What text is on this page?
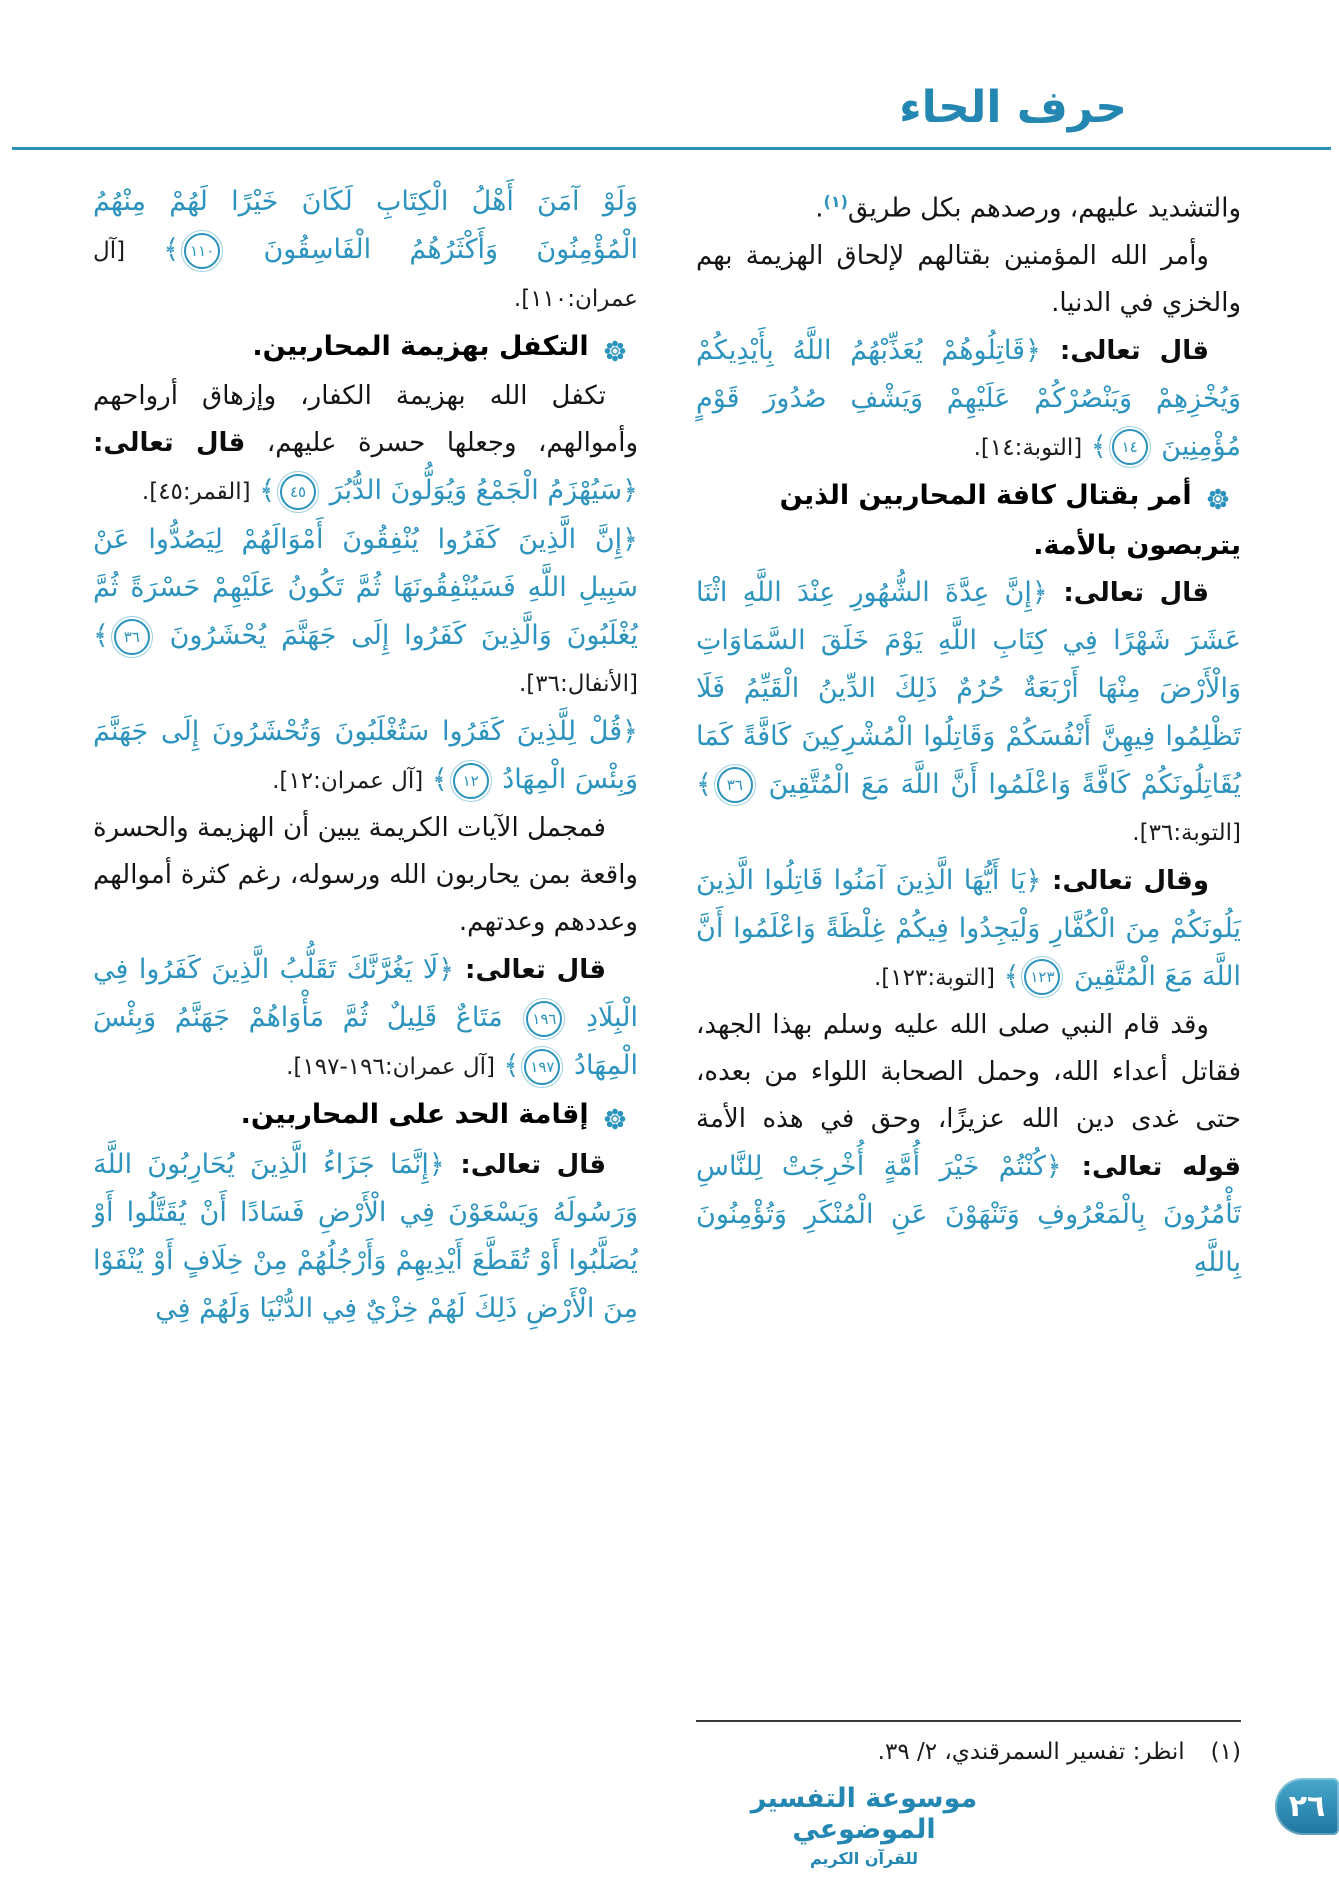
حرف الحاء

والتشديد عليهم، ورصدهم بكل طريق$^{(١)}$.

وأمر الله المؤمنين بقتالهم لإلحاق الهزيمة بهم والخزي في الدنيا.

قال تعالى: ﴿قَاتِلُوهُمْ يُعَذِّبْهُمُ اللَّهُ بِأَيْدِيكُمْ وَيُخْزِهِمْ وَيَنْصُرْكُمْ عَلَيْهِمْ وَيَشْفِ صُدُورَ قَوْمٍ مُؤْمِنِينَ ١٤﴾ [التوبة:١٤].

أمر بقتال كافة المحاربين الذين يتربصون بالأمة.

قال تعالى: ﴿إِنَّ عِدَّةَ الشُّهُورِ عِنْدَ اللَّهِ اثْنَا عَشَرَ شَهْرًا فِي كِتَابِ اللَّهِ يَوْمَ خَلَقَ السَّمَاوَاتِ وَالْأَرْضَ مِنْهَا أَرْبَعَةٌ حُرُمٌ ذَلِكَ الدِّينُ الْقَيِّمُ فَلَا تَظْلِمُوا فِيهِنَّ أَنْفُسَكُمْ وَقَاتِلُوا الْمُشْرِكِينَ كَافَّةً كَمَا يُقَاتِلُونَكُمْ كَافَّةً وَاعْلَمُوا أَنَّ اللَّهَ مَعَ الْمُتَّقِينَ ٣٦﴾ [التوبة:٣٦].

وقال تعالى: ﴿يَا أَيُّهَا الَّذِينَ آمَنُوا قَاتِلُوا الَّذِينَ يَلُونَكُمْ مِنَ الْكُفَّارِ وَلْيَجِدُوا فِيكُمْ غِلْظَةً وَاعْلَمُوا أَنَّ اللَّهَ مَعَ الْمُتَّقِينَ ١٢٣﴾ [التوبة:١٢٣].

وقد قام النبي صلى الله عليه وسلم بهذا الجهد، فقاتل أعداء الله، وحمل الصحابة اللواء من بعده، حتى غدى دين الله عزيزًا، وحق في هذه الأمة قوله تعالى: ﴿كُنْتُمْ خَيْرَ أُمَّةٍ أُخْرِجَتْ لِلنَّاسِ تَأْمُرُونَ بِالْمَعْرُوفِ وَتَنْهَوْنَ عَنِ الْمُنْكَرِ وَتُؤْمِنُونَ بِاللَّهِ

(١)انظر: تفسير السمرقندي، ٢/ ٣٩.

وَلَوْ آمَنَ أَهْلُ الْكِتَابِ لَكَانَ خَيْرًا لَهُمْ مِنْهُمُ الْمُؤْمِنُونَ وَأَكْثَرُهُمُ الْفَاسِقُونَ ١١٠﴾ [آل عمران:١١٠].

التكفل بهزيمة المحاربين.

تكفل الله بهزيمة الكفار، وإزهاق أرواحهم وأموالهم، وجعلها حسرة عليهم، قال تعالى: ﴿سَيُهْزَمُ الْجَمْعُ وَيُوَلُّونَ الدُّبُرَ ٤٥﴾ [القمر:٤٥].

﴿إِنَّ الَّذِينَ كَفَرُوا يُنْفِقُونَ أَمْوَالَهُمْ لِيَصُدُّوا عَنْ سَبِيلِ اللَّهِ فَسَيُنْفِقُونَهَا ثُمَّ تَكُونُ عَلَيْهِمْ حَسْرَةً ثُمَّ يُغْلَبُونَ وَالَّذِينَ كَفَرُوا إِلَى جَهَنَّمَ يُحْشَرُونَ ٣٦﴾ [الأنفال:٣٦].

﴿قُلْ لِلَّذِينَ كَفَرُوا سَتُغْلَبُونَ وَتُحْشَرُونَ إِلَى جَهَنَّمَ وَبِئْسَ الْمِهَادُ ١٢﴾ [آل عمران:١٢].

فمجمل الآيات الكريمة يبين أن الهزيمة والحسرة واقعة بمن يحاربون الله ورسوله، رغم كثرة أموالهم وعددهم وعدتهم.

قال تعالى: ﴿لَا يَغُرَّنَّكَ تَقَلُّبُ الَّذِينَ كَفَرُوا فِي الْبِلَادِ ١٩٦ مَتَاعٌ قَلِيلٌ ثُمَّ مَأْوَاهُمْ جَهَنَّمُ وَبِئْسَ الْمِهَادُ ١٩٧﴾ [آل عمران:١٩٦-١٩٧].

إقامة الحد على المحاربين.

قال تعالى: ﴿إِنَّمَا جَزَاءُ الَّذِينَ يُحَارِبُونَ اللَّهَ وَرَسُولَهُ وَيَسْعَوْنَ فِي الْأَرْضِ فَسَادًا أَنْ يُقَتَّلُوا أَوْ يُصَلَّبُوا أَوْ تُقَطَّعَ أَيْدِيهِمْ وَأَرْجُلُهُمْ مِنْ خِلَافٍ أَوْ يُنْفَوْا مِنَ الْأَرْضِ ذَلِكَ لَهُمْ خِزْيٌ فِي الدُّنْيَا وَلَهُمْ فِي

موسوعة التفسير الموضوعي
للقرآن الكريم
٢٦
